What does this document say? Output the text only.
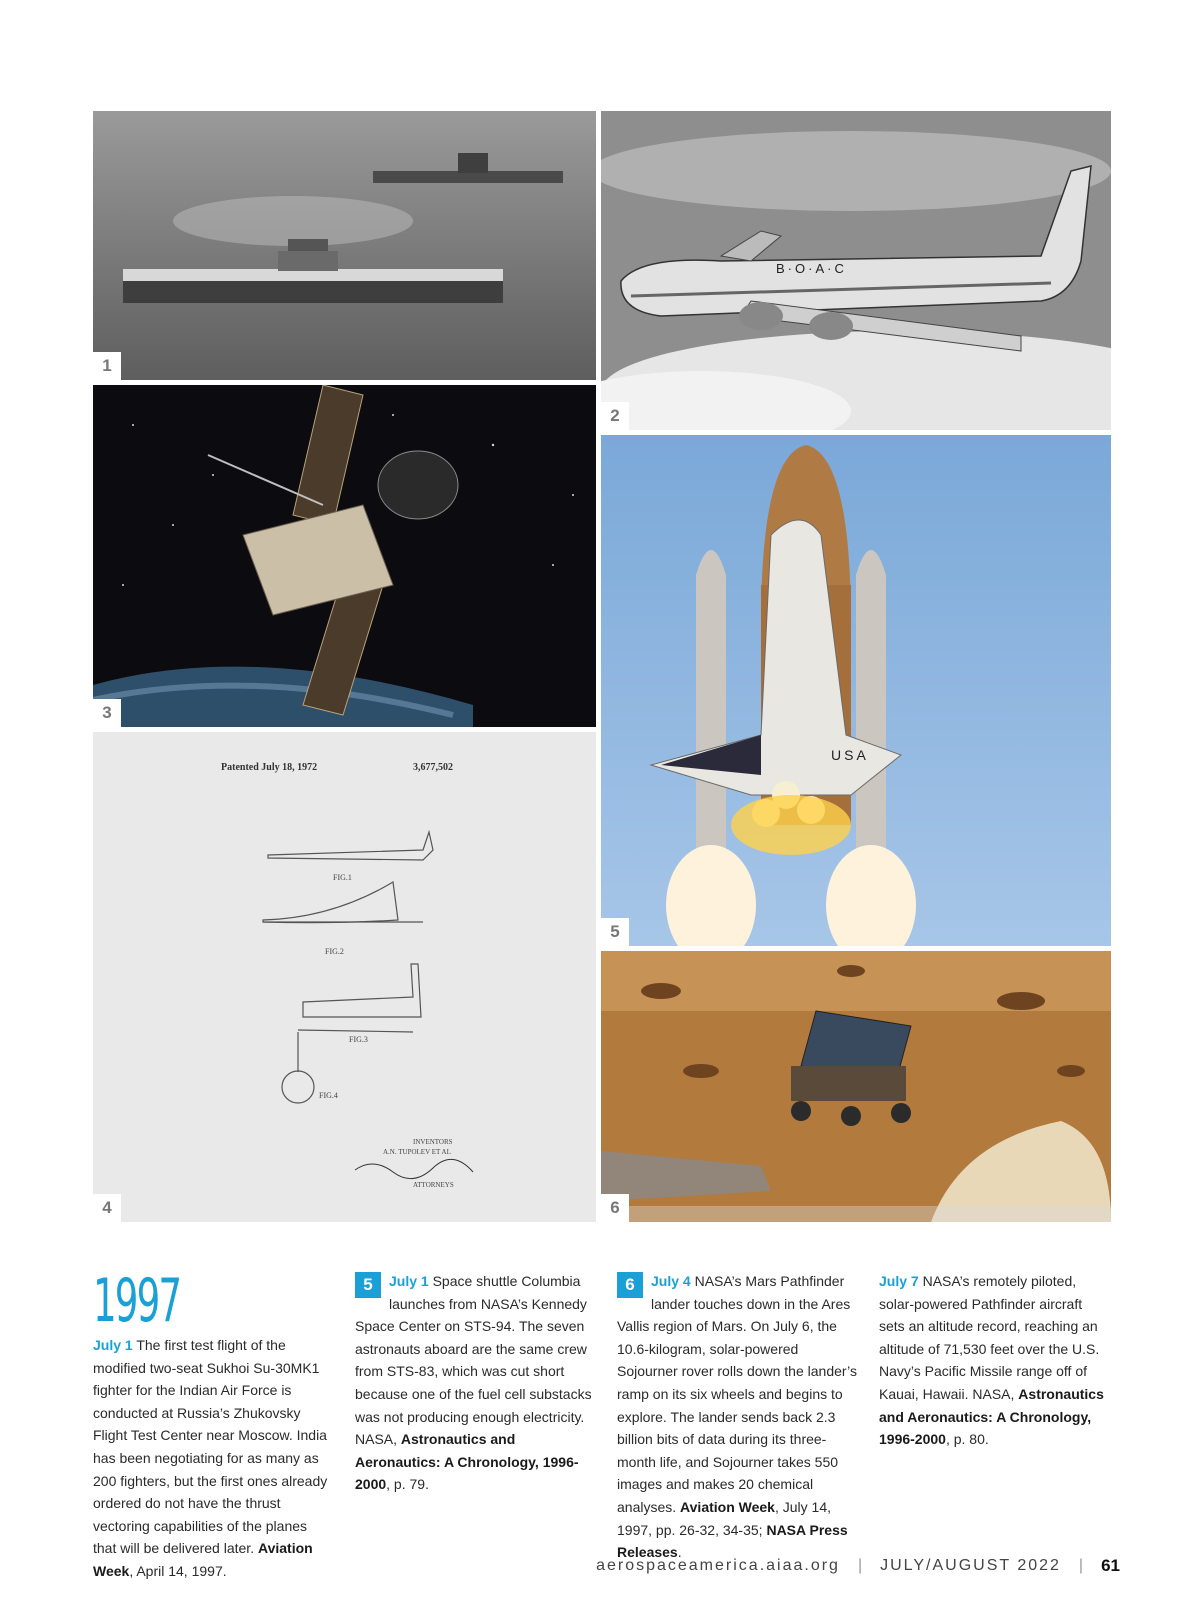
1
B·O·A·C
2
3
Patented July 18, 1972	3,677,502
FIG.1
FIG.2
FIG.3
FIG.4
INVENTORS
A.N. TUPOLEV ET AL
ATTORNEYS
4
USA
5
6
1997

July 1 The first test flight of the modified two-seat Sukhoi Su-30MK1 fighter for the Indian Air Force is conducted at Russia’s Zhukovsky Flight Test Center near Moscow. India has been negotiating for as many as 200 fighters, but the first ones already ordered do not have the thrust vectoring capabilities of the planes that will be delivered later. Aviation Week, April 14, 1997.

5	July 1 Space shuttle Columbia launches from NASA’s Kennedy Space Center on STS-94. The seven astronauts aboard are the same crew from STS-83, which was cut short because one of the fuel cell substacks was not producing enough electricity. NASA, Astronautics and Aeronautics: A Chronology, 1996-2000, p. 79.

6	July 4 NASA’s Mars Pathfinder lander touches down in the Ares Vallis region of Mars. On July 6, the 10.6-kilogram, solar-powered Sojourner rover rolls down the lander’s ramp on its six wheels and begins to explore. The lander sends back 2.3 billion bits of data during its three-month life, and Sojourner takes 550 images and makes 20 chemical analyses. Aviation Week, July 14, 1997, pp. 26-32, 34-35; NASA Press Releases.

July 7 NASA’s remotely piloted, solar-powered Pathfinder aircraft sets an altitude record, reaching an altitude of 71,530 feet over the U.S. Navy’s Pacific Missile range off of Kauai, Hawaii. NASA, Astronautics and Aeronautics: A Chronology, 1996-2000, p. 80.

aerospaceamerica.aiaa.org | JULY/AUGUST 2022 | 61
